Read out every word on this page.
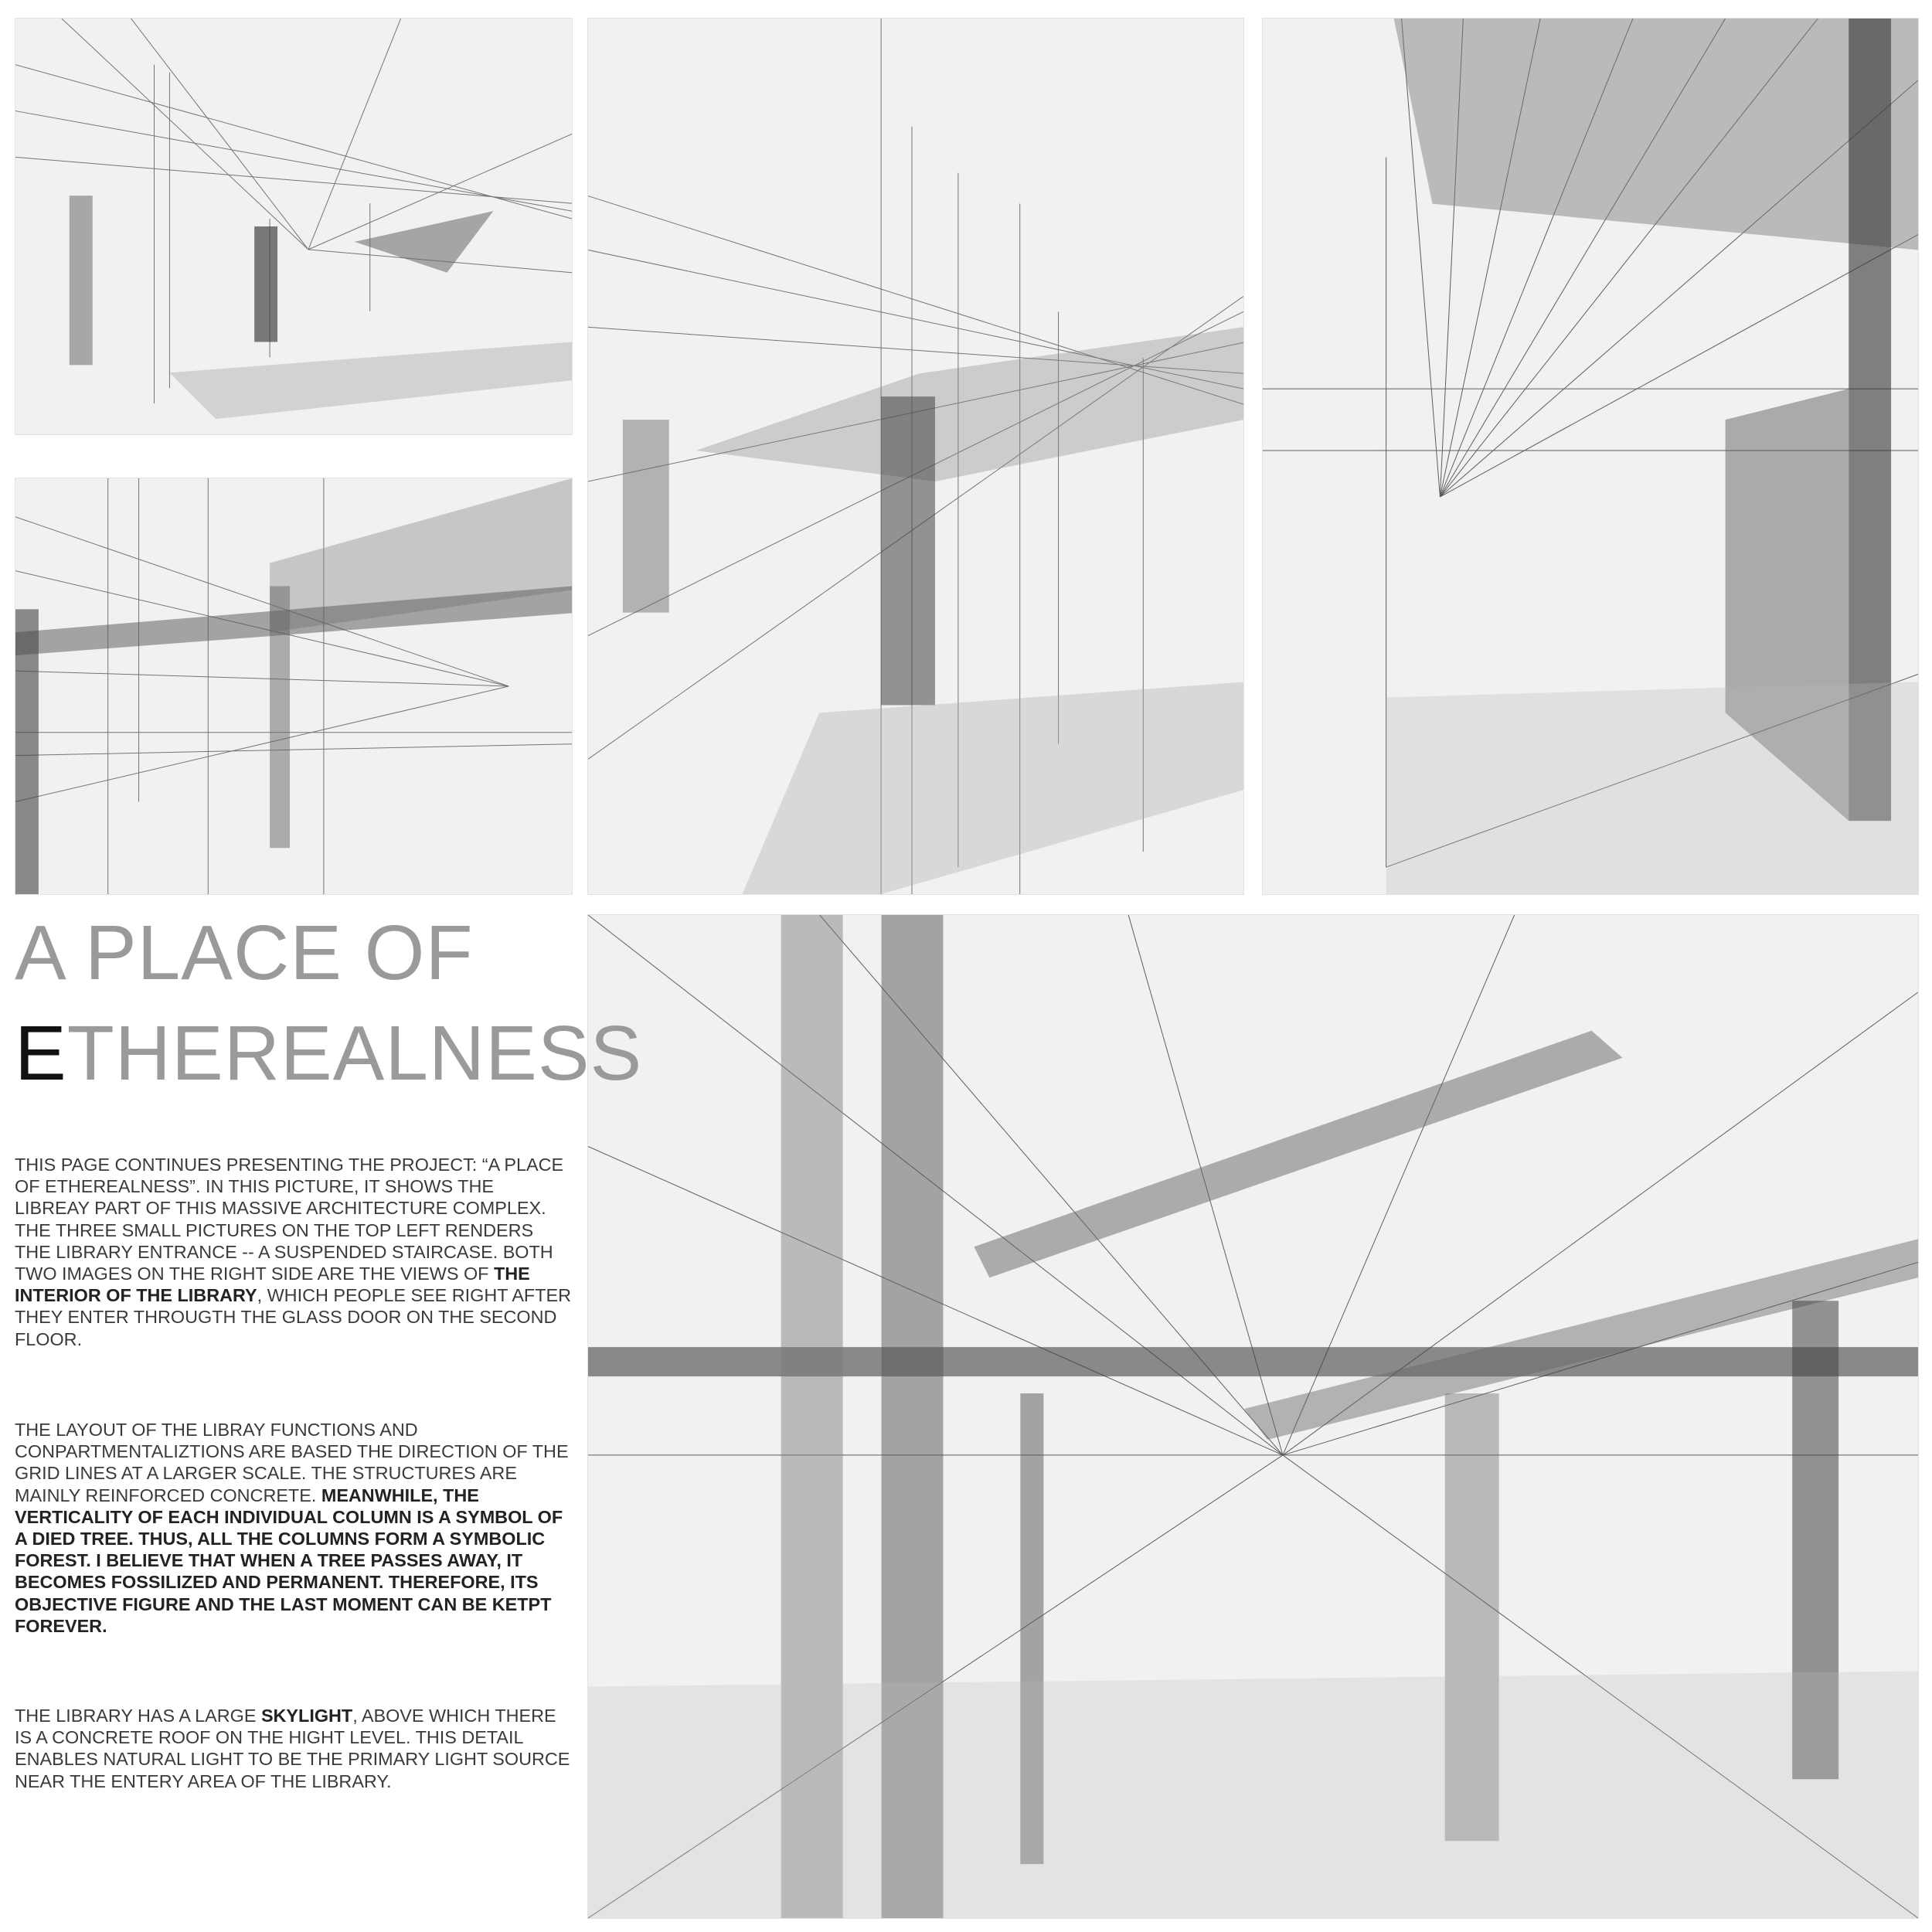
A PLACE OF
ETHEREALNESS
THIS PAGE CONTINUES PRESENTING THE PROJECT: “A PLACE OF ETHEREALNESS”. IN THIS PICTURE, IT SHOWS THE LIBREAY PART OF THIS MASSIVE ARCHITECTURE COMPLEX. THE THREE SMALL PICTURES ON THE TOP LEFT RENDERS THE LIBRARY ENTRANCE -- A SUSPENDED STAIRCASE. BOTH TWO IMAGES ON THE RIGHT SIDE ARE THE VIEWS OF THE INTERIOR OF THE LIBRARY, WHICH PEOPLE SEE RIGHT AFTER THEY ENTER THROUGTH THE GLASS DOOR ON THE SECOND FLOOR.
THE LAYOUT OF THE LIBRAY FUNCTIONS AND CONPARTMENTALIZTIONS ARE BASED THE DIRECTION OF THE GRID LINES AT A LARGER SCALE. THE STRUCTURES ARE MAINLY REINFORCED CONCRETE. MEANWHILE, THE VERTICALITY OF EACH INDIVIDUAL COLUMN IS A SYMBOL OF A DIED TREE. THUS, ALL THE COLUMNS FORM A SYMBOLIC FOREST. I BELIEVE THAT WHEN A TREE PASSES AWAY, IT BECOMES FOSSILIZED AND PERMANENT. THEREFORE, ITS OBJECTIVE FIGURE AND THE LAST MOMENT CAN BE KETPT FOREVER.
THE LIBRARY HAS A LARGE SKYLIGHT, ABOVE WHICH THERE IS A CONCRETE ROOF ON THE HIGHT LEVEL. THIS DETAIL ENABLES NATURAL LIGHT TO BE THE PRIMARY LIGHT SOURCE NEAR THE ENTERY AREA OF THE LIBRARY.
